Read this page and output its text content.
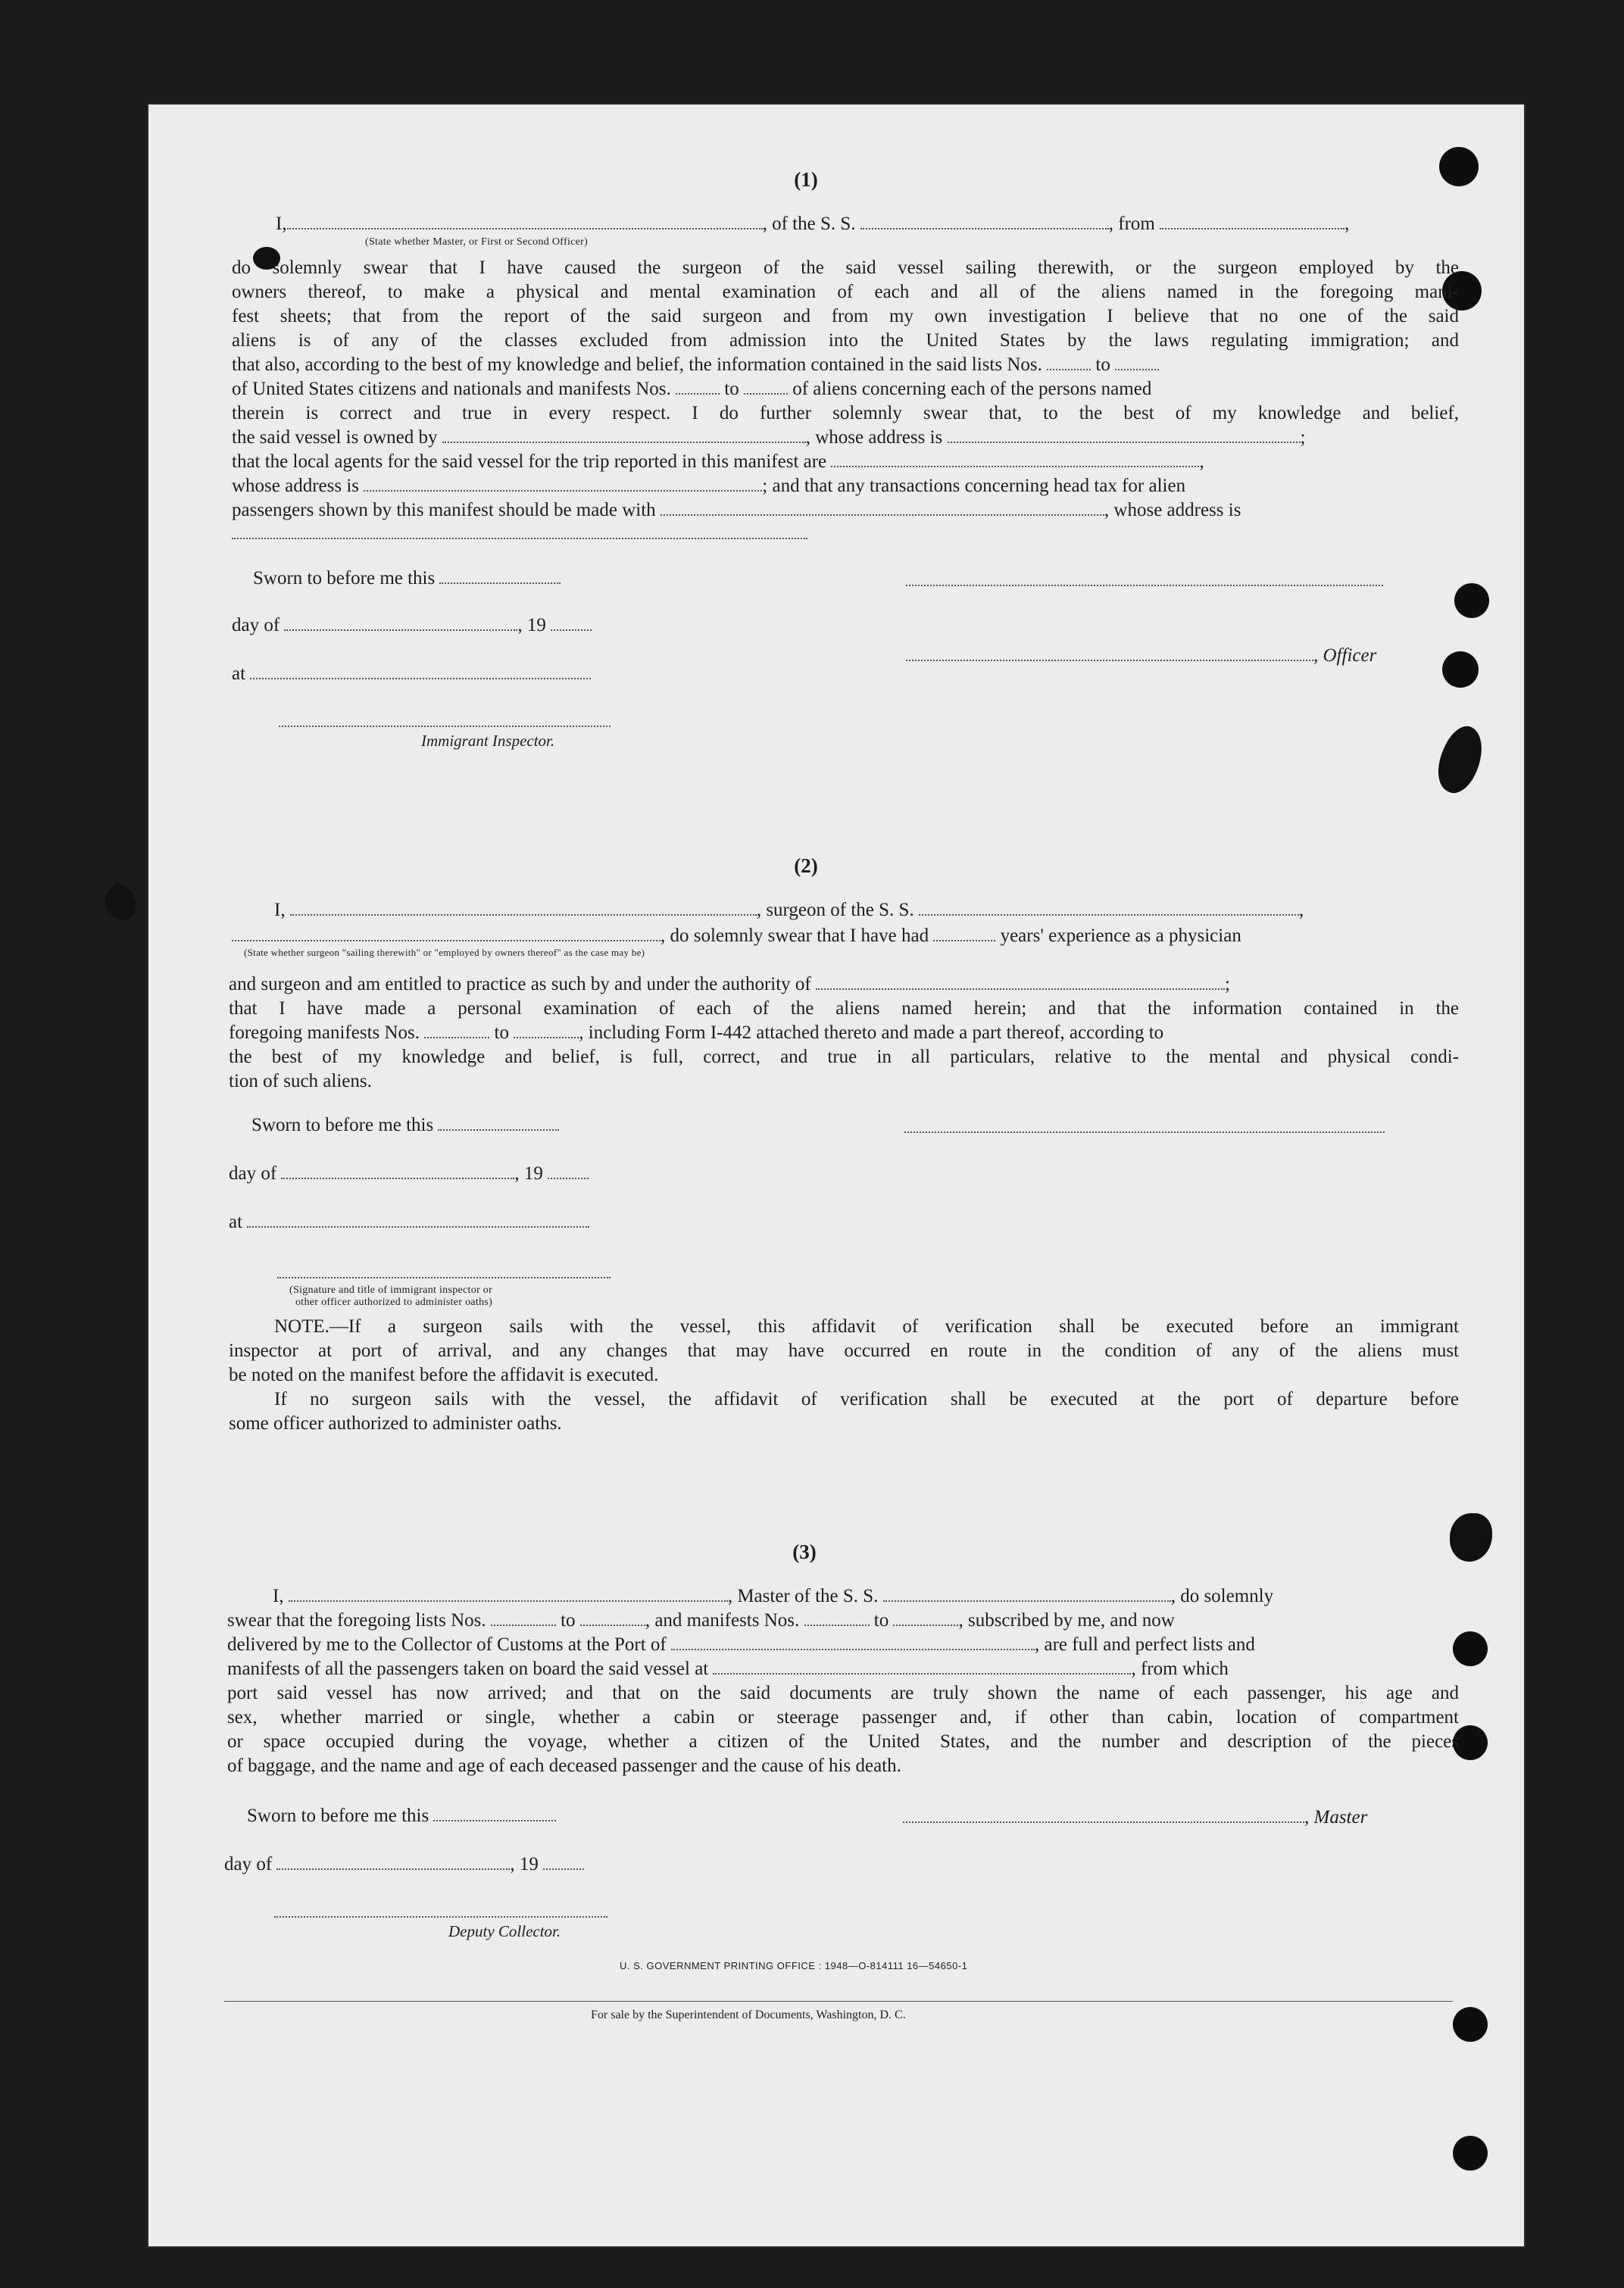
(1)
I,	, of the S. S.	, from	,
(State whether Master, or First or Second Officer)
do solemnly swear that I have caused the surgeon of the said vessel sailing therewith, or the surgeon employed by the
owners thereof, to make a physical and mental examination of each and all of the aliens named in the foregoing mani-
fest sheets; that from the report of the said surgeon and from my own investigation I believe that no one of the said
aliens is of any of the classes excluded from admission into the United States by the laws regulating immigration; and
that also, according to the best of my knowledge and belief, the information contained in the said lists Nos.	to
of United States citizens and nationals and manifests Nos.	to	of aliens concerning each of the persons named
therein is correct and true in every respect. I do further solemnly swear that, to the best of my knowledge and belief,
the said vessel is owned by	, whose address is	;
that the local agents for the said vessel for the trip reported in this manifest are	,
whose address is	; and that any transactions concerning head tax for alien
passengers shown by this manifest should be made with	, whose address is
Sworn to before me this
day of	, 19
, Officer
at
Immigrant Inspector.
(2)
I,	, surgeon of the S. S.	,
, do solemnly swear that I have had	years' experience as a physician
(State whether surgeon "sailing therewith" or "employed by owners thereof" as the case may be)
and surgeon and am entitled to practice as such by and under the authority of	;
that I have made a personal examination of each of the aliens named herein; and that the information contained in the
foregoing manifests Nos.	to	, including Form I-442 attached thereto and made a part thereof, according to
the best of my knowledge and belief, is full, correct, and true in all particulars, relative to the mental and physical condi-
tion of such aliens.
Sworn to before me this
day of	, 19
at
(Signature and title of immigrant inspector or
other officer authorized to administer oaths)
NOTE.—If a surgeon sails with the vessel, this affidavit of verification shall be executed before an immigrant
inspector at port of arrival, and any changes that may have occurred en route in the condition of any of the aliens must
be noted on the manifest before the affidavit is executed.
If no surgeon sails with the vessel, the affidavit of verification shall be executed at the port of departure before
some officer authorized to administer oaths.
(3)
I,	, Master of the S. S.	, do solemnly
swear that the foregoing lists Nos.	to	, and manifests Nos.	to	, subscribed by me, and now
delivered by me to the Collector of Customs at the Port of	, are full and perfect lists and
manifests of all the passengers taken on board the said vessel at	, from which
port said vessel has now arrived; and that on the said documents are truly shown the name of each passenger, his age and
sex, whether married or single, whether a cabin or steerage passenger and, if other than cabin, location of compartment
or space occupied during the voyage, whether a citizen of the United States, and the number and description of the pieces
of baggage, and the name and age of each deceased passenger and the cause of his death.
Sworn to before me this	, Master
day of	, 19
Deputy Collector.
U. S. GOVERNMENT PRINTING OFFICE : 1948—O-814111 16—54650-1
For sale by the Superintendent of Documents, Washington, D. C.
